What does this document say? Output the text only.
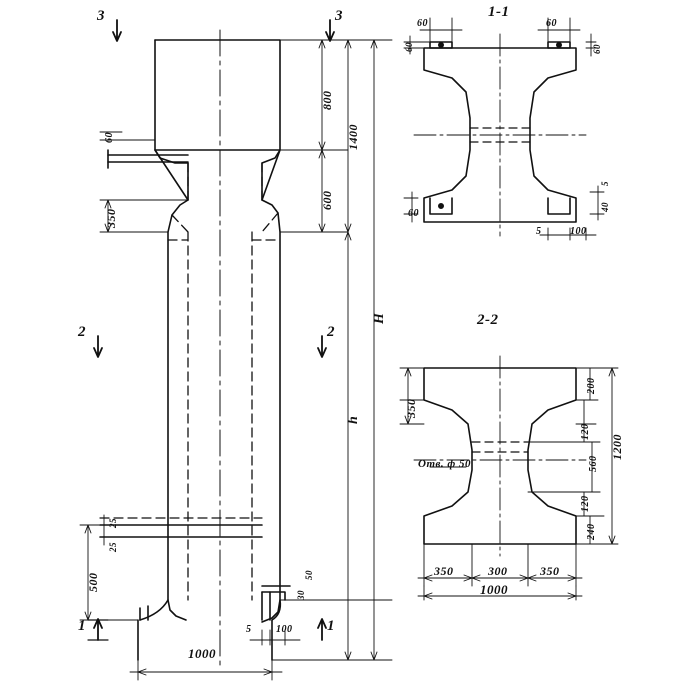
1-1
2-2
3	3
2	2
1	1
800
1400
600
350
60
H
h
25
25
500
1000
5 100
50
30
60	60
60	60
60
5
40
5	100
350
200
120
560
120
240
1200
350	300	350
1000
Отв. ф 50
